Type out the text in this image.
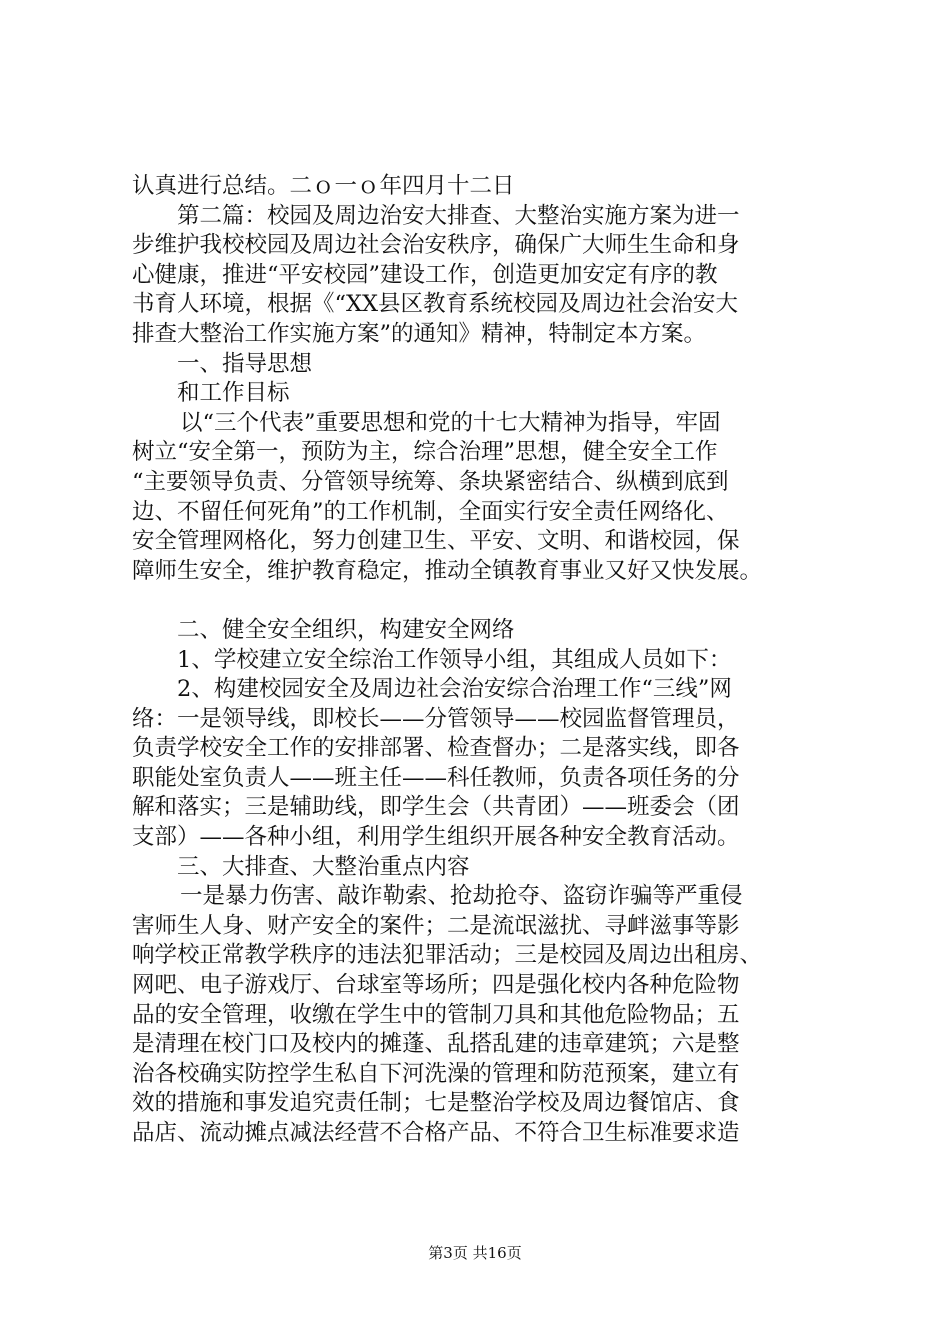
认真进行总结。二ｏ一ｏ年四月十二日
第二篇：校园及周边治安大排查、大整治实施方案为进一
步维护我校校园及周边社会治安秩序，确保广大师生生命和身
心健康，推进“平安校园”建设工作，创造更加安定有序的教
书育人环境，根据《“XX县区教育系统校园及周边社会治安大
排查大整治工作实施方案”的通知》精神，特制定本方案。
一、指导思想
和工作目标
以“三个代表”重要思想和党的十七大精神为指导，牢固
树立“安全第一，预防为主，综合治理”思想，健全安全工作
“主要领导负责、分管领导统筹、条块紧密结合、纵横到底到
边、不留任何死角”的工作机制，全面实行安全责任网络化、
安全管理网格化，努力创建卫生、平安、文明、和谐校园，保
障师生安全，维护教育稳定，推动全镇教育事业又好又快发展。
二、健全安全组织，构建安全网络
1、学校建立安全综治工作领导小组，其组成人员如下：
2、构建校园安全及周边社会治安综合治理工作“三线”网
络：一是领导线，即校长——分管领导——校园监督管理员，
负责学校安全工作的安排部署、检查督办；二是落实线，即各
职能处室负责人——班主任——科任教师，负责各项任务的分
解和落实；三是辅助线，即学生会（共青团）——班委会（团
支部）——各种小组，利用学生组织开展各种安全教育活动。
三、大排查、大整治重点内容
一是暴力伤害、敲诈勒索、抢劫抢夺、盗窃诈骗等严重侵
害师生人身、财产安全的案件；二是流氓滋扰、寻衅滋事等影
响学校正常教学秩序的违法犯罪活动；三是校园及周边出租房、
网吧、电子游戏厅、台球室等场所；四是强化校内各种危险物
品的安全管理，收缴在学生中的管制刀具和其他危险物品；五
是清理在校门口及校内的摊蓬、乱搭乱建的违章建筑；六是整
治各校确实防控学生私自下河洗澡的管理和防范预案，建立有
效的措施和事发追究责任制；七是整治学校及周边餐馆店、食
品店、流动摊点减法经营不合格产品、不符合卫生标准要求造
第3页 共16页
